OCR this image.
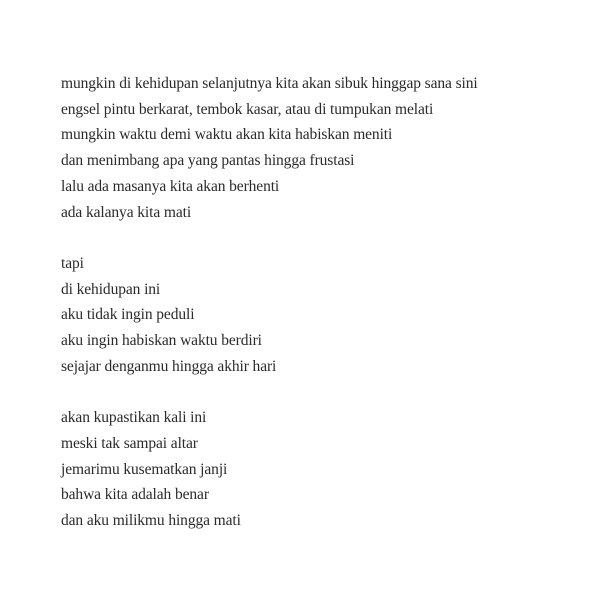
mungkin di kehidupan selanjutnya kita akan sibuk hinggap sana sini
engsel pintu berkarat, tembok kasar, atau di tumpukan melati
mungkin waktu demi waktu akan kita habiskan meniti
dan menimbang apa yang pantas hingga frustasi
lalu ada masanya kita akan berhenti
ada kalanya kita mati
tapi
di kehidupan ini
aku tidak ingin peduli
aku ingin habiskan waktu berdiri
sejajar denganmu hingga akhir hari
akan kupastikan kali ini
meski tak sampai altar
jemarimu kusematkan janji
bahwa kita adalah benar
dan aku milikmu hingga mati
